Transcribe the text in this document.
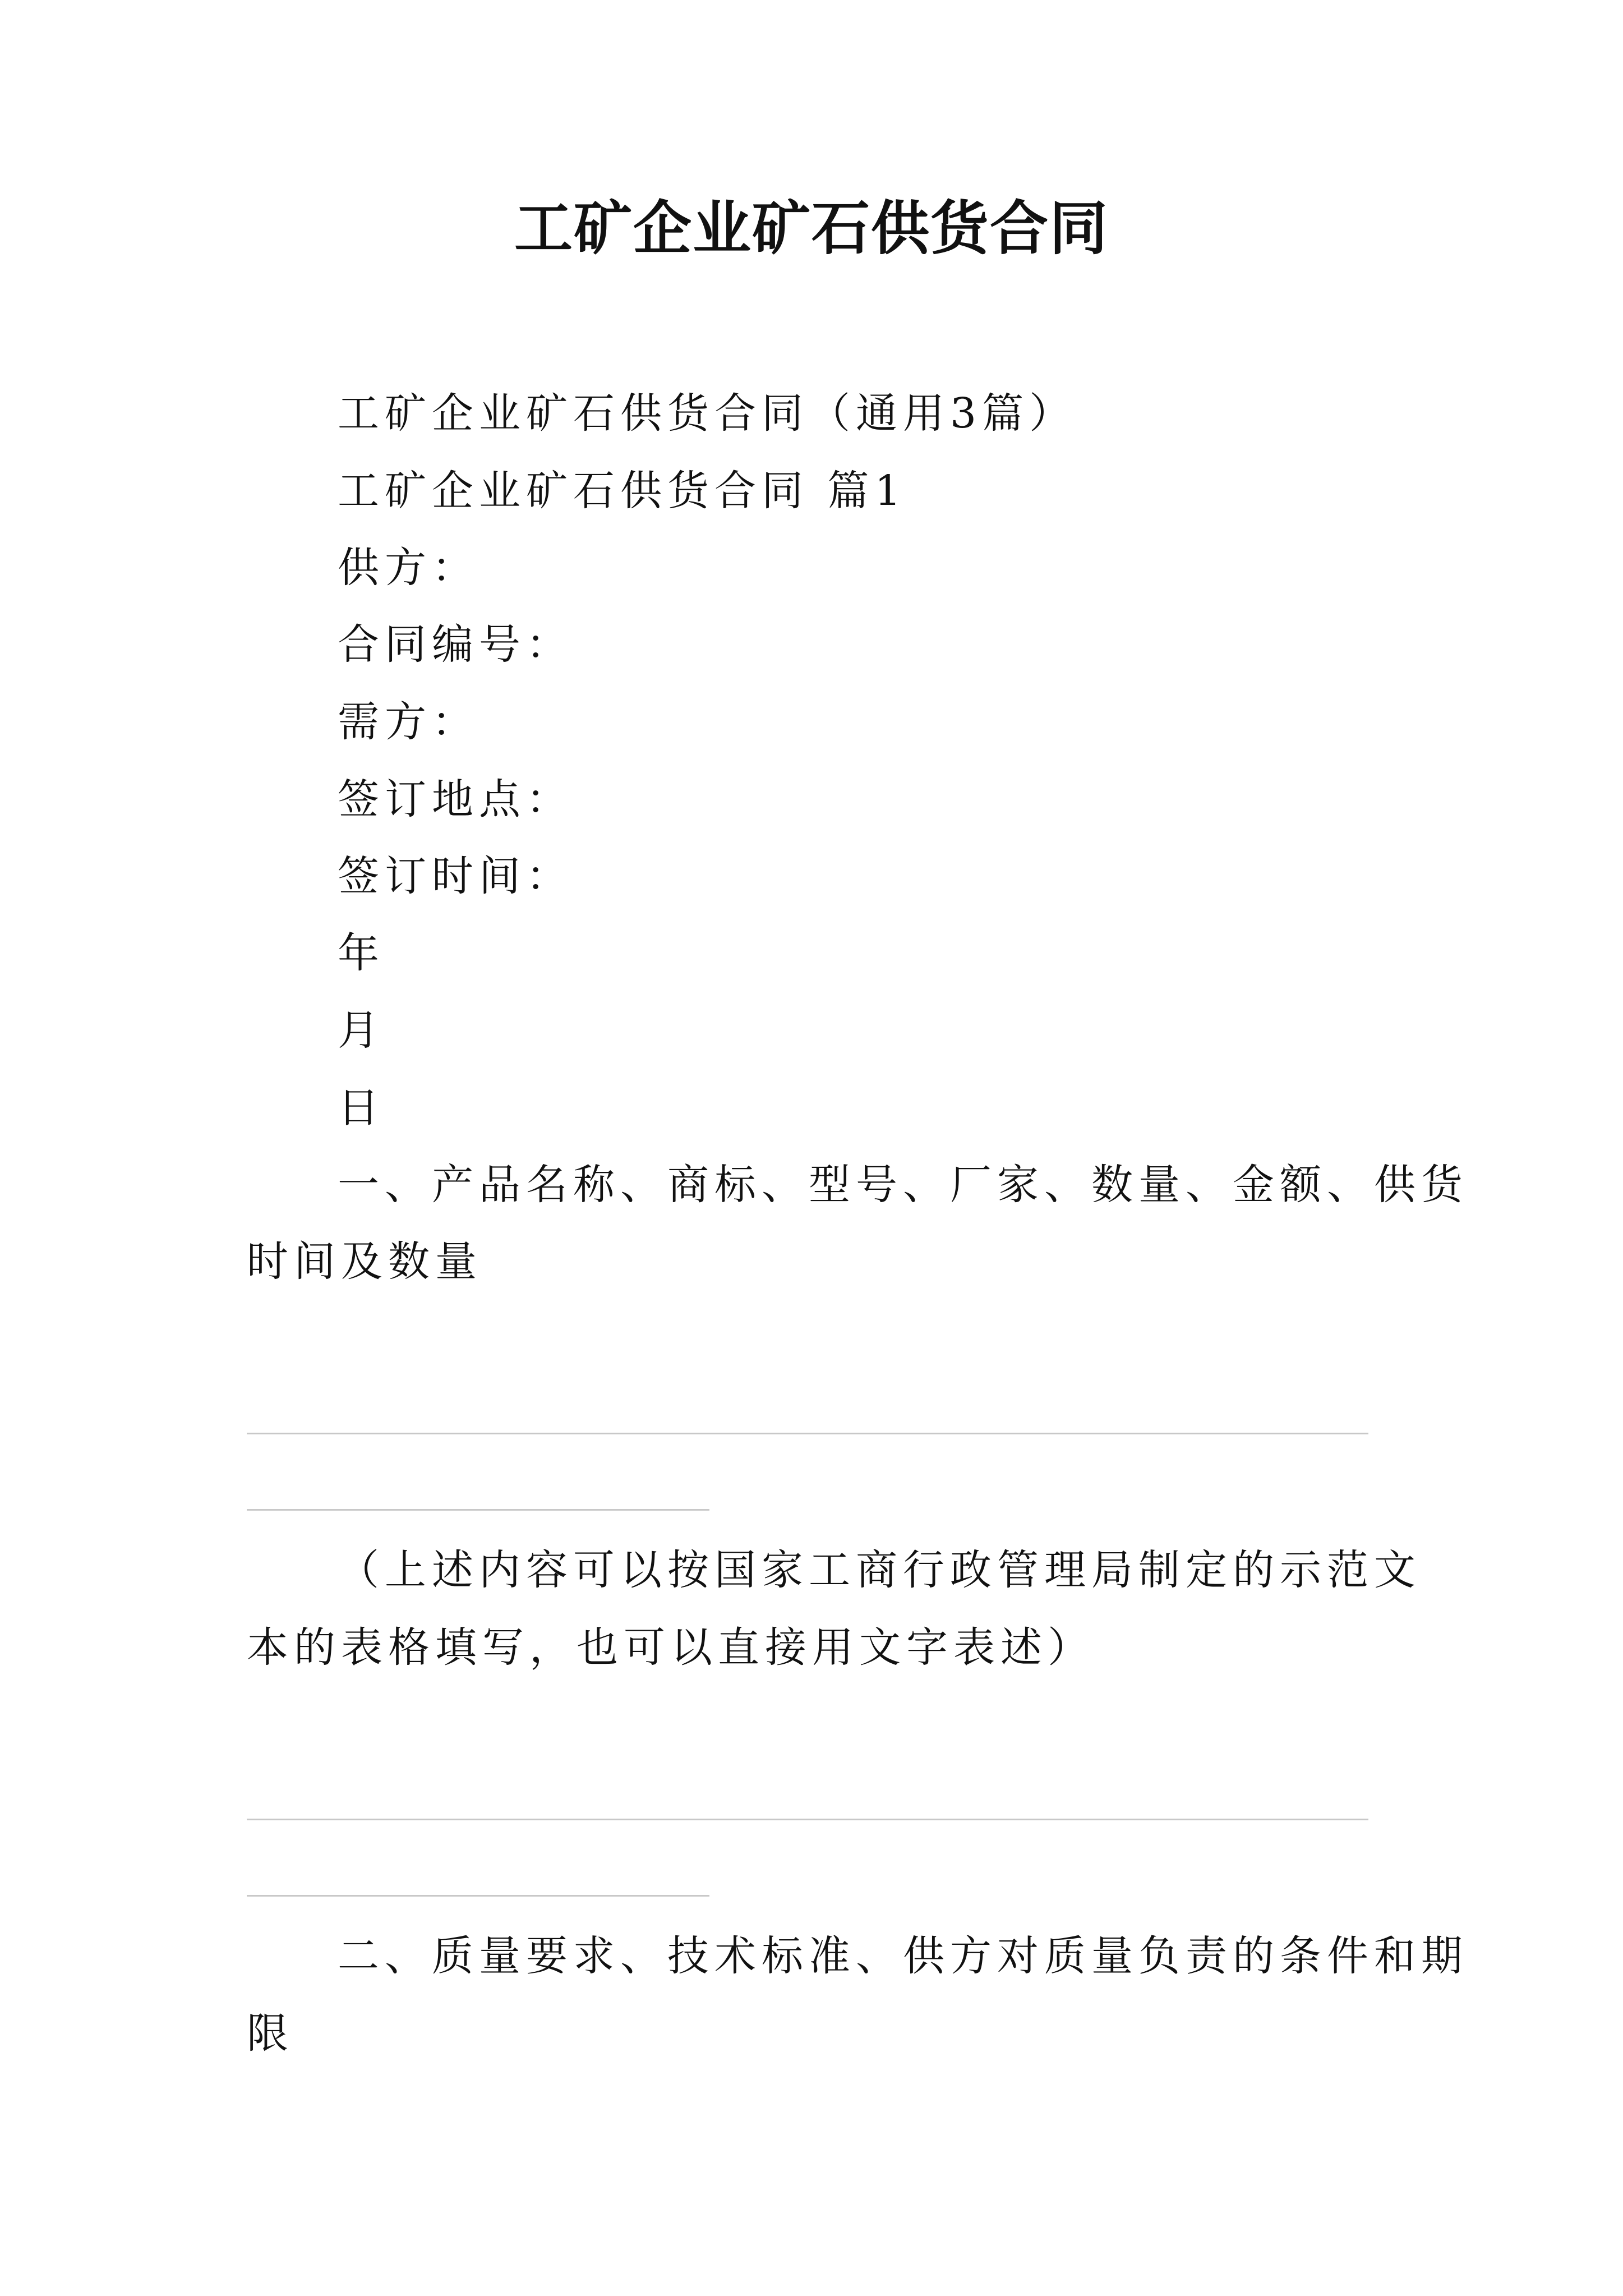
工矿企业矿石供货合同
工矿企业矿石供货合同（通用3篇）
工矿企业矿石供货合同 篇1
供方：
合同编号：
需方：
签订地点：
签订时间：
年
月
日
一、产品名称、商标、型号、厂家、数量、金额、供货
时间及数量
（上述内容可以按国家工商行政管理局制定的示范文
本的表格填写，也可以直接用文字表述）
二、质量要求、技术标准、供方对质量负责的条件和期
限
